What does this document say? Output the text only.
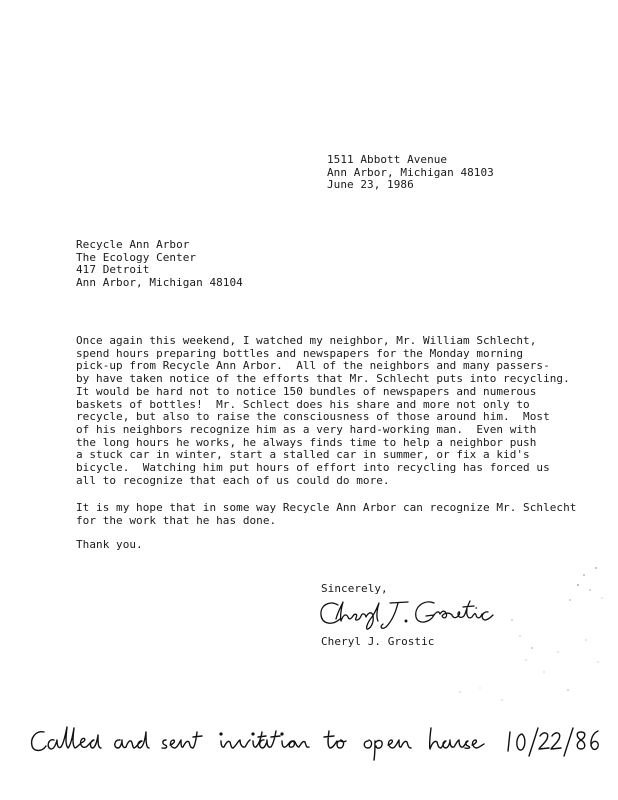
1511 Abbott Avenue
Ann Arbor, Michigan 48103
June 23, 1986
Recycle Ann Arbor
The Ecology Center
417 Detroit
Ann Arbor, Michigan 48104
Once again this weekend, I watched my neighbor, Mr. William Schlecht,
spend hours preparing bottles and newspapers for the Monday morning
pick-up from Recycle Ann Arbor.  All of the neighbors and many passers-
by have taken notice of the efforts that Mr. Schlecht puts into recycling.
It would be hard not to notice 150 bundles of newspapers and numerous
baskets of bottles!  Mr. Schlect does his share and more not only to
recycle, but also to raise the consciousness of those around him.  Most
of his neighbors recognize him as a very hard-working man.  Even with
the long hours he works, he always finds time to help a neighbor push
a stuck car in winter, start a stalled car in summer, or fix a kid's
bicycle.  Watching him put hours of effort into recycling has forced us
all to recognize that each of us could do more.
It is my hope that in some way Recycle Ann Arbor can recognize Mr. Schlecht
for the work that he has done.
Thank you.
Sincerely,
Cheryl J. Grostic
